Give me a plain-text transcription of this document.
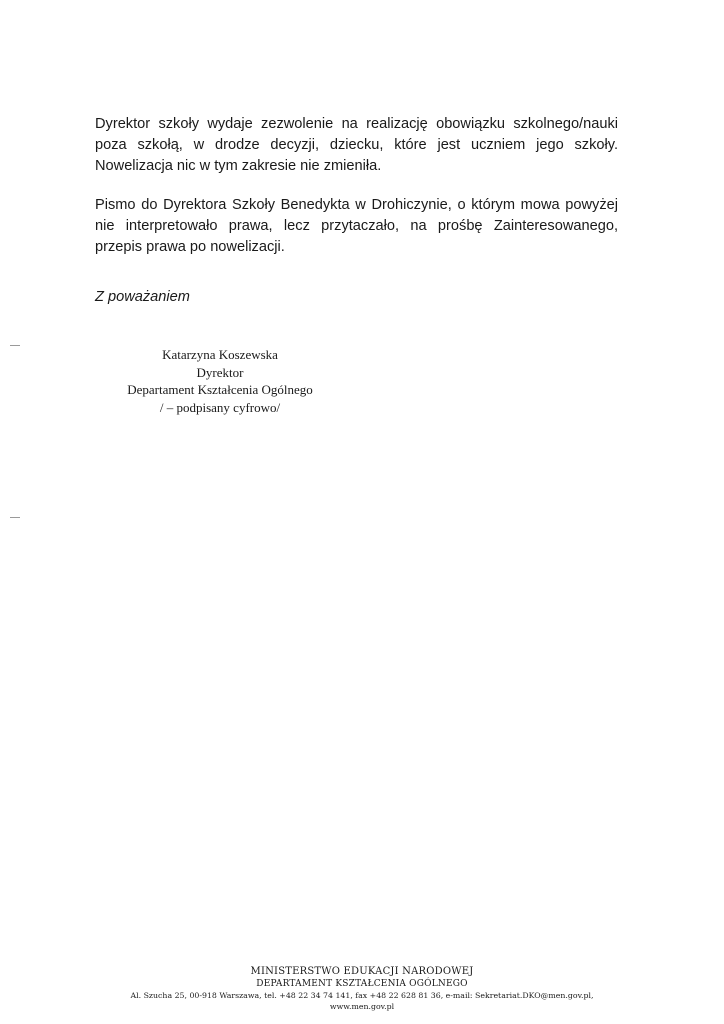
Dyrektor szkoły wydaje zezwolenie na realizację obowiązku szkolnego/nauki poza szkołą, w drodze decyzji, dziecku, które jest uczniem jego szkoły. Nowelizacja nic w tym zakresie nie zmieniła.

Pismo do Dyrektora Szkoły Benedykta w Drohiczynie, o którym mowa powyżej nie interpretowało prawa, lecz przytaczało, na prośbę Zainteresowanego, przepis prawa po nowelizacji.

Z poważaniem

Katarzyna Koszewska
Dyrektor
Departament Kształcenia Ogólnego
/ – podpisany cyfrowo/
MINISTERSTWO EDUKACJI NARODOWEJ
DEPARTAMENT KSZTAŁCENIA OGÓLNEGO
Al. Szucha 25, 00-918 Warszawa, tel. +48 22 34 74 141, fax +48 22 628 81 36, e-mail: Sekretariat.DKO@men.gov.pl,
www.men.gov.pl
